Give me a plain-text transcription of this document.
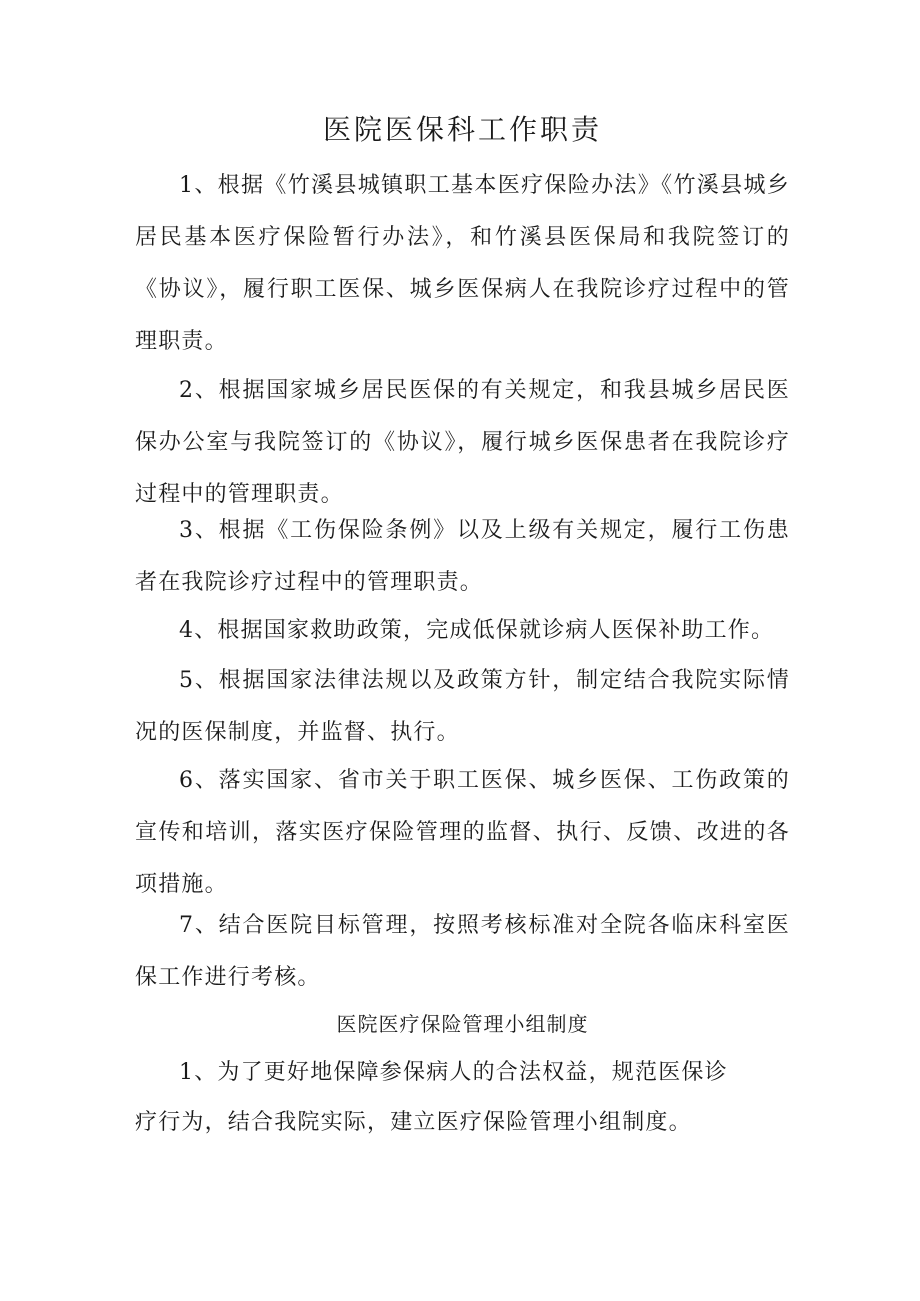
医院医保科工作职责

1、根据《竹溪县城镇职工基本医疗保险办法》《竹溪县城乡居民基本医疗保险暂行办法》，和竹溪县医保局和我院签订的《协议》，履行职工医保、城乡医保病人在我院诊疗过程中的管理职责。

2、根据国家城乡居民医保的有关规定，和我县城乡居民医保办公室与我院签订的《协议》，履行城乡医保患者在我院诊疗过程中的管理职责。

3、根据《工伤保险条例》以及上级有关规定，履行工伤患者在我院诊疗过程中的管理职责。

4、根据国家救助政策，完成低保就诊病人医保补助工作。

5、根据国家法律法规以及政策方针，制定结合我院实际情况的医保制度，并监督、执行。

6、落实国家、省市关于职工医保、城乡医保、工伤政策的宣传和培训，落实医疗保险管理的监督、执行、反馈、改进的各项措施。

7、结合医院目标管理，按照考核标准对全院各临床科室医保工作进行考核。

医院医疗保险管理小组制度
1、为了更好地保障参保病人的合法权益，规范医保诊
疗行为，结合我院实际，建立医疗保险管理小组制度。
